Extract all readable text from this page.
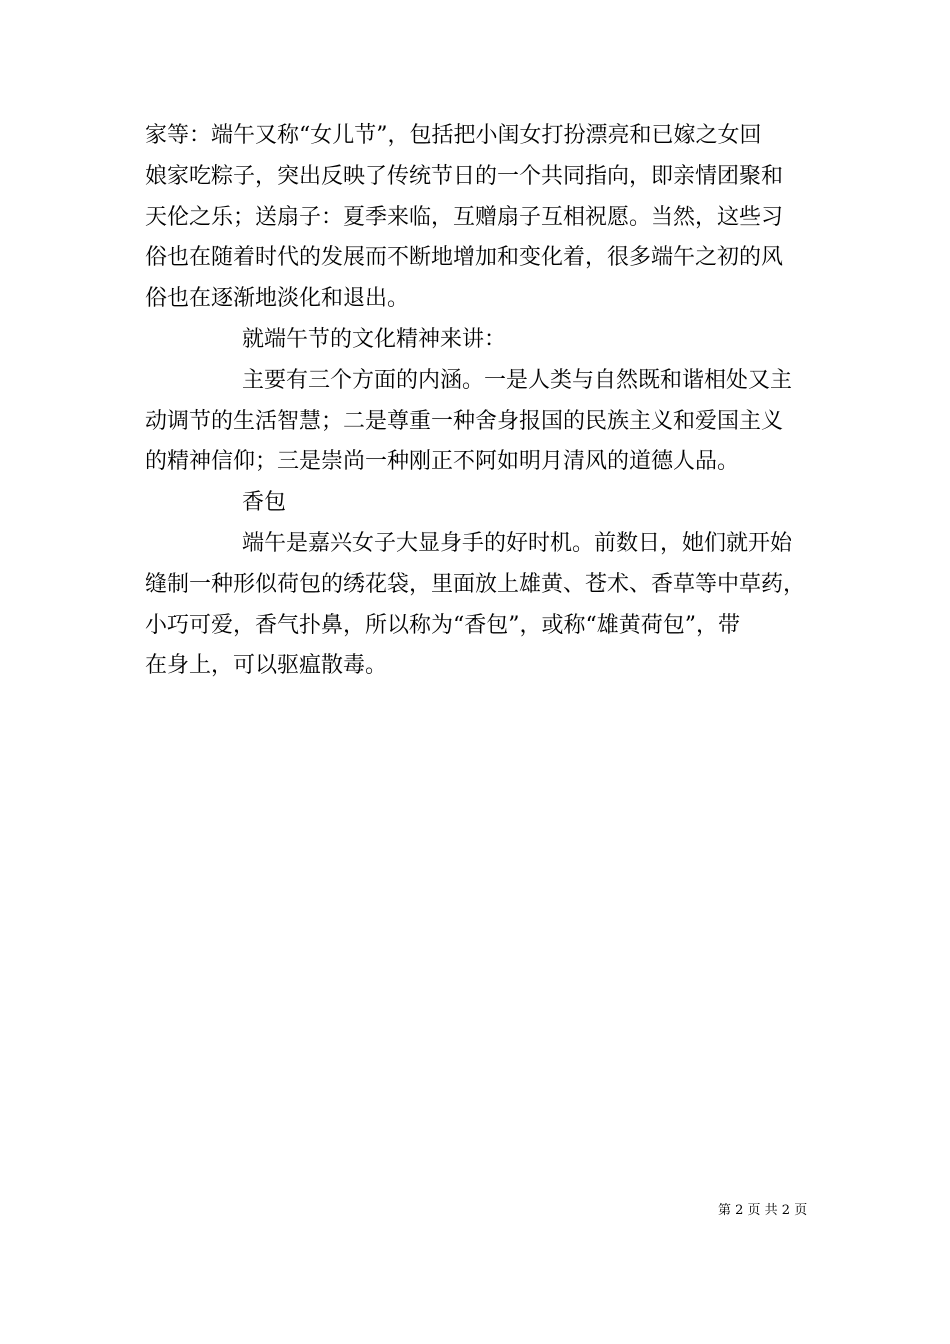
家等：端午又称“女儿节”，包括把小闺女打扮漂亮和已嫁之女回
娘家吃粽子，突出反映了传统节日的一个共同指向，即亲情团聚和
天伦之乐；送扇子：夏季来临，互赠扇子互相祝愿。当然，这些习
俗也在随着时代的发展而不断地增加和变化着，很多端午之初的风
俗也在逐渐地淡化和退出。
就端午节的文化精神来讲：
主要有三个方面的内涵。一是人类与自然既和谐相处又主
动调节的生活智慧；二是尊重一种舍身报国的民族主义和爱国主义
的精神信仰；三是崇尚一种刚正不阿如明月清风的道德人品。
香包
端午是嘉兴女子大显身手的好时机。前数日，她们就开始
缝制一种形似荷包的绣花袋，里面放上雄黄、苍术、香草等中草药，
小巧可爱，香气扑鼻，所以称为“香包”，或称“雄黄荷包”，带
在身上，可以驱瘟散毒。
第 2 页 共 2 页
